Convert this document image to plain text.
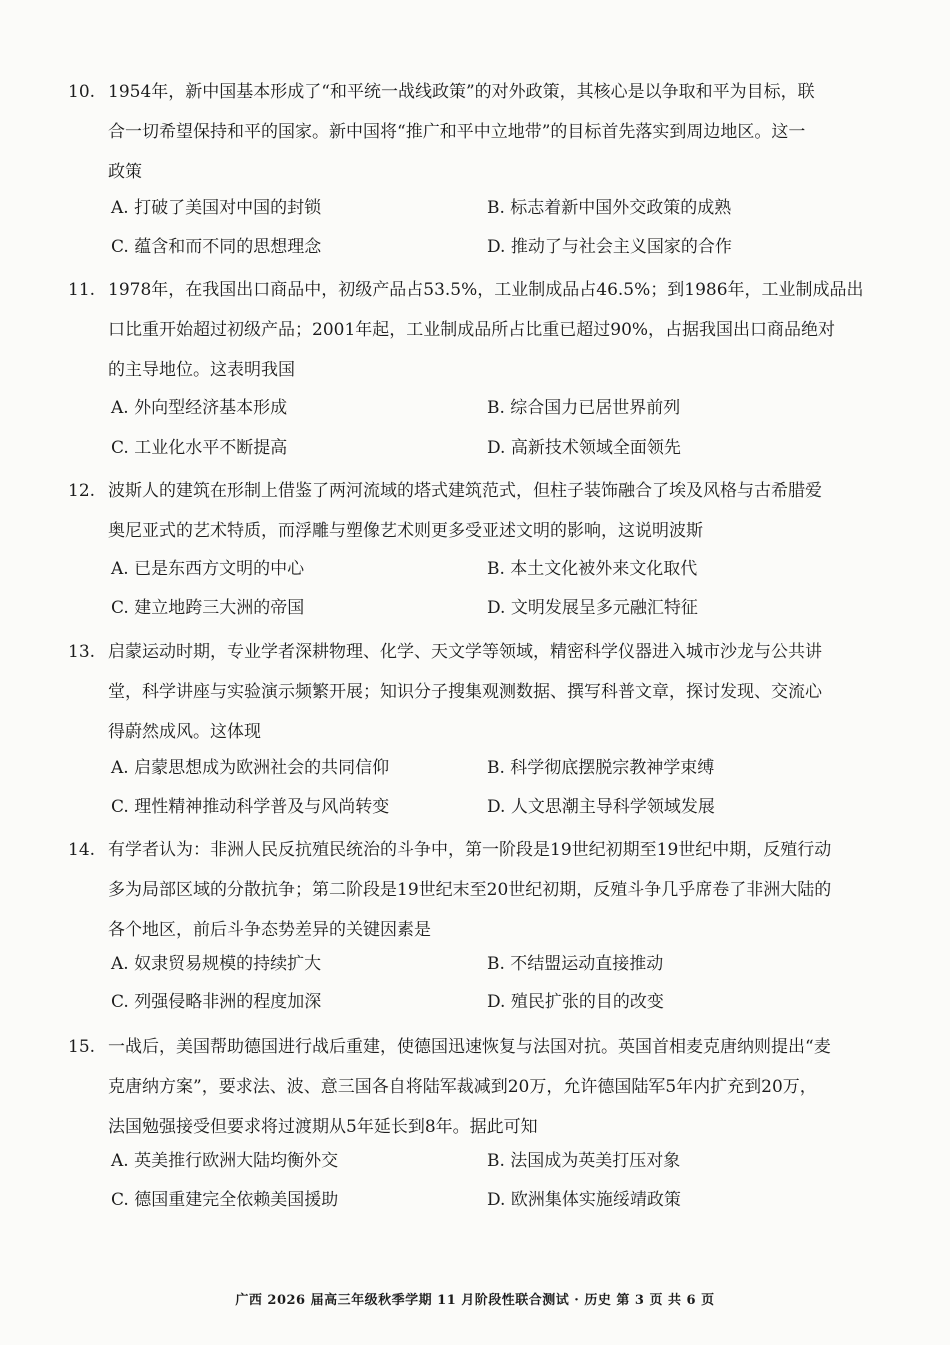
10. 1954年，新中国基本形成了“和平统一战线政策”的对外政策，其核心是以争取和平为目标，联
合一切希望保持和平的国家。新中国将“推广和平中立地带”的目标首先落实到周边地区。这一
政策
A. 打破了美国对中国的封锁	B. 标志着新中国外交政策的成熟
C. 蕴含和而不同的思想理念	D. 推动了与社会主义国家的合作
11. 1978年，在我国出口商品中，初级产品占53.5%，工业制成品占46.5%；到1986年，工业制成品出
口比重开始超过初级产品；2001年起，工业制成品所占比重已超过90%，占据我国出口商品绝对
的主导地位。这表明我国
A. 外向型经济基本形成	B. 综合国力已居世界前列
C. 工业化水平不断提高	D. 高新技术领域全面领先
12. 波斯人的建筑在形制上借鉴了两河流域的塔式建筑范式，但柱子装饰融合了埃及风格与古希腊爱
奥尼亚式的艺术特质，而浮雕与塑像艺术则更多受亚述文明的影响，这说明波斯
A. 已是东西方文明的中心	B. 本土文化被外来文化取代
C. 建立地跨三大洲的帝国	D. 文明发展呈多元融汇特征
13. 启蒙运动时期，专业学者深耕物理、化学、天文学等领域，精密科学仪器进入城市沙龙与公共讲
堂，科学讲座与实验演示频繁开展；知识分子搜集观测数据、撰写科普文章，探讨发现、交流心
得蔚然成风。这体现
A. 启蒙思想成为欧洲社会的共同信仰	B. 科学彻底摆脱宗教神学束缚
C. 理性精神推动科学普及与风尚转变	D. 人文思潮主导科学领域发展
14. 有学者认为：非洲人民反抗殖民统治的斗争中，第一阶段是19世纪初期至19世纪中期，反殖行动
多为局部区域的分散抗争；第二阶段是19世纪末至20世纪初期，反殖斗争几乎席卷了非洲大陆的
各个地区，前后斗争态势差异的关键因素是
A. 奴隶贸易规模的持续扩大	B. 不结盟运动直接推动
C. 列强侵略非洲的程度加深	D. 殖民扩张的目的改变
15. 一战后，美国帮助德国进行战后重建，使德国迅速恢复与法国对抗。英国首相麦克唐纳则提出“麦
克唐纳方案”，要求法、波、意三国各自将陆军裁减到20万，允许德国陆军5年内扩充到20万，
法国勉强接受但要求将过渡期从5年延长到8年。据此可知
A. 英美推行欧洲大陆均衡外交	B. 法国成为英美打压对象
C. 德国重建完全依赖美国援助	D. 欧洲集体实施绥靖政策
广西 2026 届高三年级秋季学期 11 月阶段性联合测试 · 历史 第 3 页 共 6 页
